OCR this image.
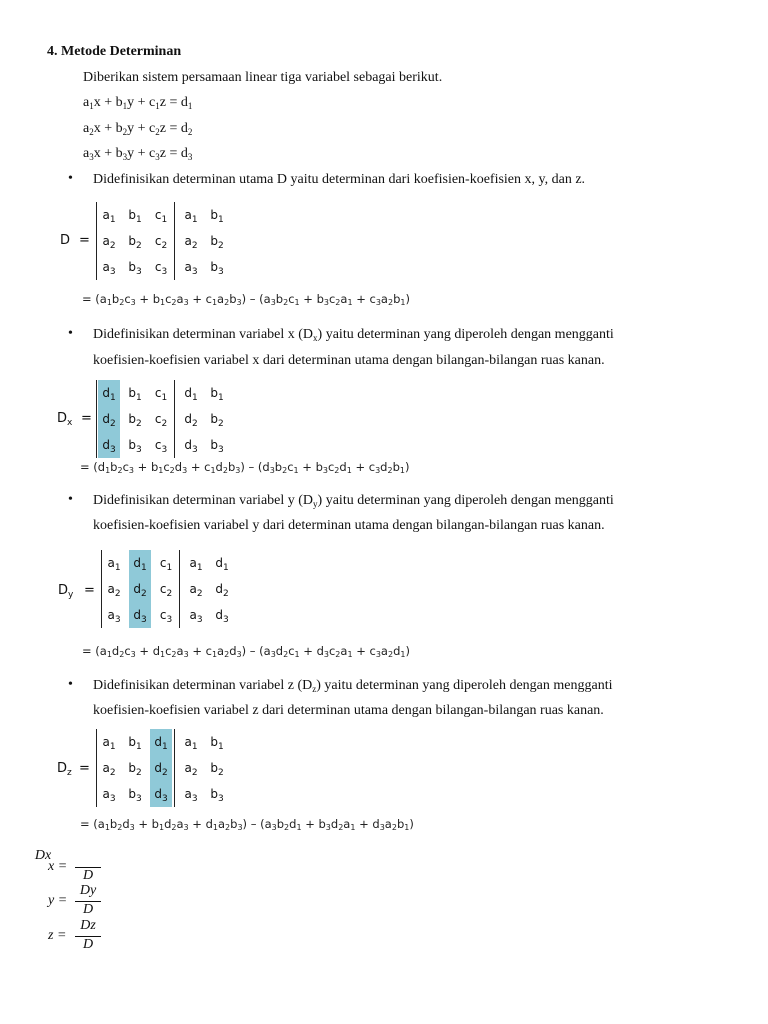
4. Metode Determinan
Diberikan sistem persamaan linear tiga variabel sebagai berikut.
$a_1x + b_1y + c_1z = d_1$
$a_2x + b_2y + c_2z = d_2$
$a_3x + b_3y + c_3z = d_3$
• Didefinisikan determinan utama D yaitu determinan dari koefisien-koefisien x, y, dan z.
D =
$a_1$	$b_1$	$c_1$	$a_1$	$b_1$
$a_2$	$b_2$	$c_2$	$a_2$	$b_2$
$a_3$	$b_3$	$c_3$	$a_3$	$b_3$
= $(a_1b_2c_3 + b_1c_2a_3 + c_1a_2b_3) - (a_3b_2c_1 + b_3c_2a_1 + c_3a_2b_1)$
• Didefinisikan determinan variabel x $(D_x)$ yaitu determinan yang diperoleh dengan mengganti
koefisien-koefisien variabel x dari determinan utama dengan bilangan-bilangan ruas kanan.
$D_x$ =
$d_1$	$b_1$	$c_1$	$d_1$	$b_1$
$d_2$	$b_2$	$c_2$	$d_2$	$b_2$
$d_3$	$b_3$	$c_3$	$d_3$	$b_3$
= $(d_1b_2c_3 + b_1c_2d_3 + c_1d_2b_3) - (d_3b_2c_1 + b_3c_2d_1 + c_3d_2b_1)$
• Didefinisikan determinan variabel y $(D_y)$ yaitu determinan yang diperoleh dengan mengganti
koefisien-koefisien variabel y dari determinan utama dengan bilangan-bilangan ruas kanan.
$D_y$ =
$a_1$	$d_1$	$c_1$	$a_1$	$d_1$
$a_2$	$d_2$	$c_2$	$a_2$	$d_2$
$a_3$	$d_3$	$c_3$	$a_3$	$d_3$
= $(a_1d_2c_3 + d_1c_2a_3 + c_1a_2d_3) - (a_3d_2c_1 + d_3c_2a_1 + c_3a_2d_1)$
• Didefinisikan determinan variabel z $(D_z)$ yaitu determinan yang diperoleh dengan mengganti
koefisien-koefisien variabel z dari determinan utama dengan bilangan-bilangan ruas kanan.
$D_z$ =
$a_1$	$b_1$	$d_1$	$a_1$	$b_1$
$a_2$	$b_2$	$d_2$	$a_2$	$b_2$
$a_3$	$b_3$	$d_3$	$a_3$	$b_3$
= $(a_1b_2d_3 + b_1d_2a_3 + d_1a_2b_3) - (a_3b_2d_1 + b_3d_2a_1 + d_3a_2b_1)$
x =
Dx
D
y =
Dy
D
z =
Dz
D
